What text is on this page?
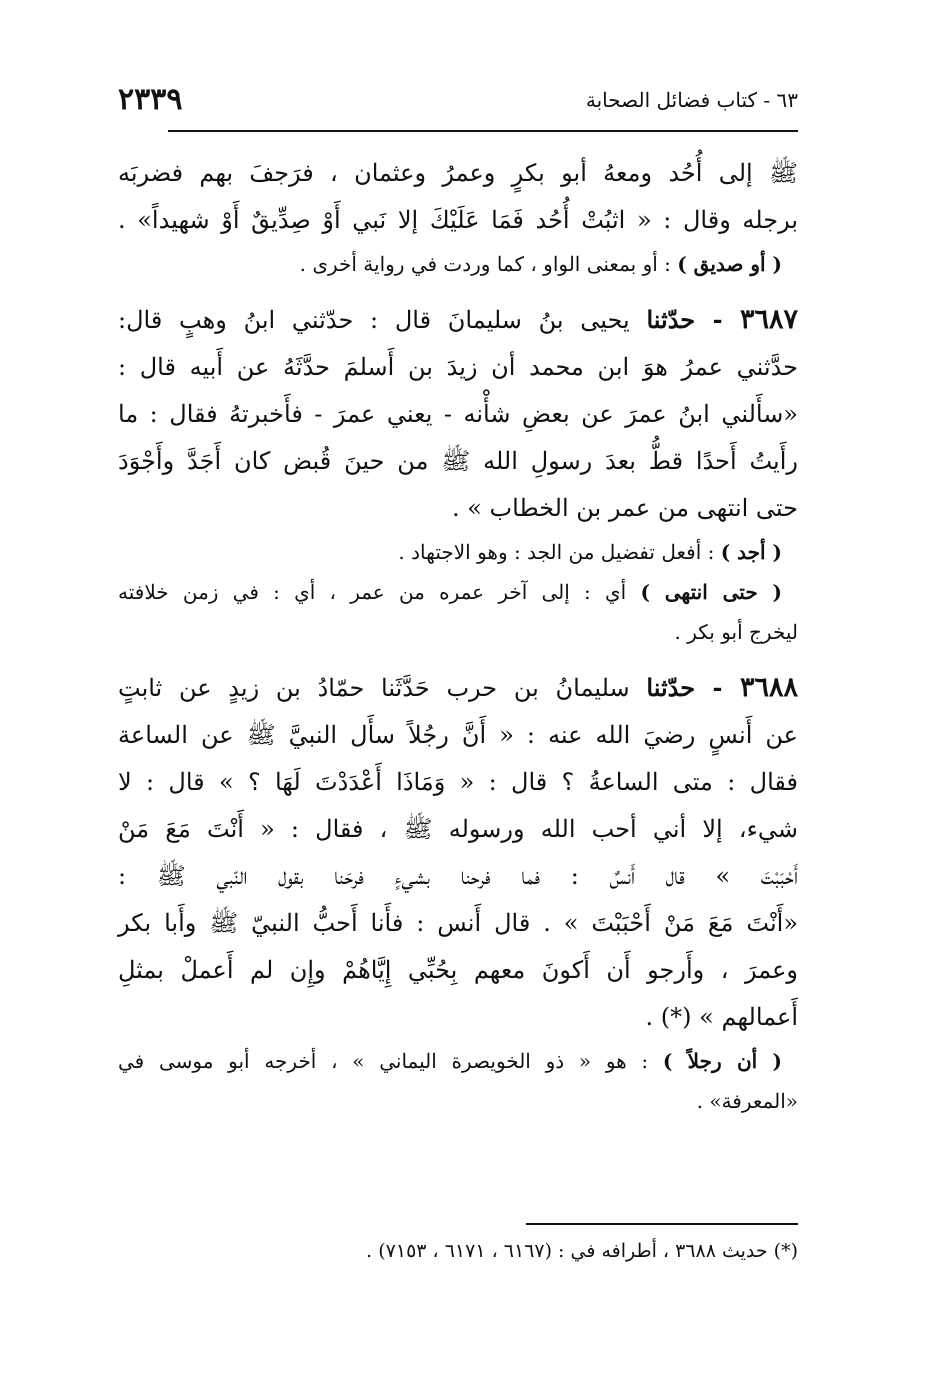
٦٣ - كتاب فضائل الصحابة
٢٣٣٩
ﷺ إلى أُحُد ومعهُ أبو بكرٍ وعمرُ وعثمان ، فرَجفَ بهم فضربَه
برجله وقال : « اثبُتْ أُحُد فَمَا عَلَيْكَ إلا نَبي أَوْ صِدِّيقٌ أَوْ شهيداً» .
( أو صديق ) : أو بمعنى الواو ، كما وردت في رواية أخرى .
٣٦٨٧ - حدّثنا يحيى بنُ سليمانَ قال : حدّثني ابنُ وهبٍ قال:
حدَّثني عمرُ هوَ ابن محمد أن زيدَ بن أَسلمَ حدَّثَهُ عن أَبيه قال :
«سأَلني ابنُ عمرَ عن بعضِ شأْنه - يعني عمرَ - فأَخبرتهُ فقال : ما
رأَيتُ أَحدًا قطُّ بعدَ رسولِ الله ﷺ من حينَ قُبض كان أَجَدَّ وأَجْوَدَ
حتى انتهى من عمر بن الخطاب » .
( أجد ) : أفعل تفضيل من الجد : وهو الاجتهاد .
( حتى انتهى ) أي : إلى آخر عمره من عمر ، أي : في زمن خلافته
ليخرج أبو بكر .
٣٦٨٨ - حدّثنا سليمانُ بن حرب حَدَّثَنا حمّادُ بن زيدٍ عن ثابتٍ
عن أَنسٍ رضيَ الله عنه : « أَنَّ رجُلاً سأَل النبيَّ ﷺ عن الساعة
فقال : متى الساعةُ ؟ قال : « وَمَاذَا أَعْدَدْتَ لَهَا ؟ » قال : لا
شيء، إلا أني أحب الله ورسوله ﷺ ، فقال : « أَنْتَ مَعَ مَنْ
أَحْبَبْتَ » قال أَنسٌ : فما فرحنا بشيءٍ فرحَنا بقول النّبي ﷺ :
«أَنْتَ مَعَ مَنْ أَحْبَبْتَ » . قال أَنس : فأَنا أَحبُّ النبيّ ﷺ وأَبا بكر
وعمرَ ، وأَرجو أَن أَكونَ معهم بِحُبِّي إِيَّاهُمْ وإِن لم أَعملْ بمثلِ
أَعمالهم » (*) .
( أن رجلاً ) : هو « ذو الخويصرة اليماني » ، أخرجه أبو موسى في
«المعرفة» .
(*) حديث ٣٦٨٨ ، أطرافه في : (٦١٦٧ ، ٦١٧١ ، ٧١٥٣) .
